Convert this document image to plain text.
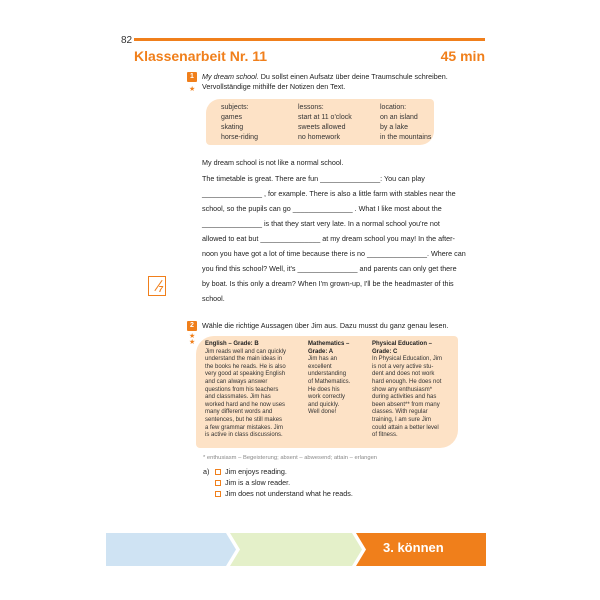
82
Klassenarbeit Nr. 11	45 min
1
★
My dream school. Du sollst einen Aufsatz über deine Traumschule schreiben.
Vervollständige mithilfe der Notizen den Text.
subjects:
games
skating
horse-riding
lessons:
start at 11 o'clock
sweets allowed
no homework
location:
on an island
by a lake
in the mountains
My dream school is not like a normal school.
The timetable is great. There are fun _______________: You can play
_______________ , for example. There is also a little farm with stables near the
school, so the pupils can go _______________ . What I like most about the
_______________ is that they start very late. In a normal school you're not
allowed to eat but _______________ at my dream school you may! In the after-
noon you have got a lot of time because there is no _______________. Where can
you find this school? Well, it's _______________ and parents can only get there
by boat. Is this only a dream? When I'm grown-up, I'll be the headmaster of this
school.
7
2
★
★
Wähle die richtige Aussagen über Jim aus. Dazu musst du ganz genau lesen.
English – Grade: B
Jim reads well and can quickly
understand the main ideas in
the books he reads. He is also
very good at speaking English
and can always answer
questions from his teachers
and classmates. Jim has
worked hard and he now uses
many different words and
sentences, but he still makes
a few grammar mistakes. Jim
is active in class discussions.
Mathematics –
Grade: A
Jim has an
excellent
understanding
of Mathematics.
He does his
work correctly
and quickly.
Well done!
Physical Education –
Grade: C
In Physical Education, Jim
is not a very active stu-
dent and does not work
hard enough. He does not
show any enthusiasm*
during activities and has
been absent** from many
classes. With regular
training, I am sure Jim
could attain a better level
of fitness.
* enthusiasm – Begeisterung; absent – abwesend; attain – erlangen
a)	Jim enjoys reading.
Jim is a slow reader.
Jim does not understand what he reads.
3. können
